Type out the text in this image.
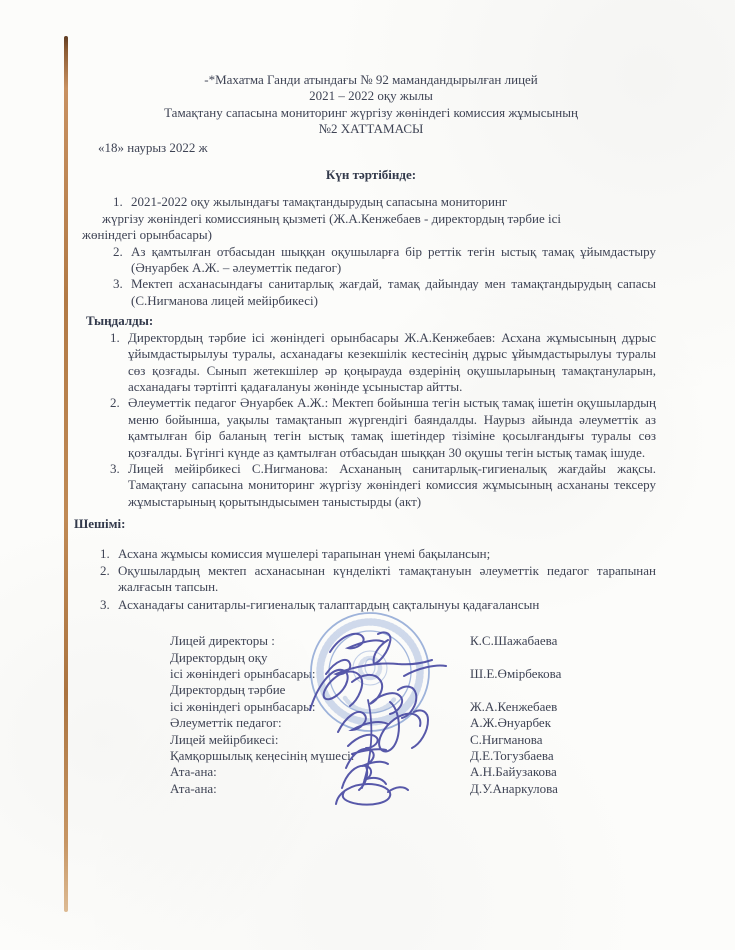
-*Махатма Ганди атындағы № 92 мамандандырылған лицей
2021 – 2022 оқу жылы
Тамақтану сапасына мониторинг жүргізу жөніндегі комиссия жұмысының
№2 ХАТТАМАСЫ
«18» наурыз 2022 ж
Күн тәртібінде:
1. 2021-2022 оқу жылындағы тамақтандырудың сапасына мониторинг
жүргізу жөніндегі комиссияның қызметі (Ж.А.Кенжебаев - директордың тәрбие ісі
жөніндегі орынбасары)
2. Аз қамтылған отбасыдан шыққан оқушыларға бір реттік тегін ыстық тамақ ұйымдастыру (Әнуарбек А.Ж. – әлеуметтік педагог)
3. Мектеп асханасындағы санитарлық жағдай, тамақ дайындау мен тамақтандырудың сапасы (С.Нигманова лицей мейірбикесі)
Тыңдалды:
1. Директордың тәрбие ісі жөніндегі орынбасары Ж.А.Кенжебаев: Асхана жұмысының дұрыс ұйымдастырылуы туралы, асханадағы кезекшілік кестесінің дұрыс ұйымдастырылуы туралы сөз қозғады. Сынып жетекшілер әр қоңырауда өздерінің оқушыларының тамақтануларын, асханадағы тәртіпті қадағалануы жөнінде ұсыныстар айтты.
2. Әлеуметтік педагог Әнуарбек А.Ж.: Мектеп бойынша тегін ыстық тамақ ішетін оқушылардың меню бойынша, уақылы тамақтанып жүргендігі баяндалды. Наурыз айында әлеуметтік аз қамтылған бір баланың тегін ыстық тамақ ішетіндер тізіміне қосылғандығы туралы сөз қозғалды. Бүгінгі күнде аз қамтылған отбасыдан шыққан 30 оқушы тегін ыстық тамақ ішуде.
3. Лицей мейірбикесі С.Нигманова: Асхананың санитарлық-гигиеналық жағдайы жақсы. Тамақтану сапасына мониторинг жүргізу жөніндегі комиссия жұмысының асхананы тексеру жұмыстарының қорытындысымен таныстырды (акт)
Шешімі:
1. Асхана жұмысы комиссия мүшелері тарапынан үнемі бақылансын;
2. Оқушылардың мектеп асханасынан күнделікті тамақтануын әлеуметтік педагог тарапынан жалғасын тапсын.
3. Асханадағы санитарлы-гигиеналық талаптардың сақталынуы қадағалансын
Лицей директоры :	К.С.Шажабаева
Директордың оқу
ісі жөніндегі орынбасары:	Ш.Е.Өмірбекова
Директордың тәрбие
ісі жөніндегі орынбасары:	Ж.А.Кенжебаев
Әлеуметтік педагог:	А.Ж.Әнуарбек
Лицей мейірбикесі:	С.Нигманова
Қамқоршылық кеңесінің мүшесі:	Д.Е.Тогузбаева
Ата-ана:	А.Н.Байузакова
Ата-ана:	Д.У.Анаркулова
